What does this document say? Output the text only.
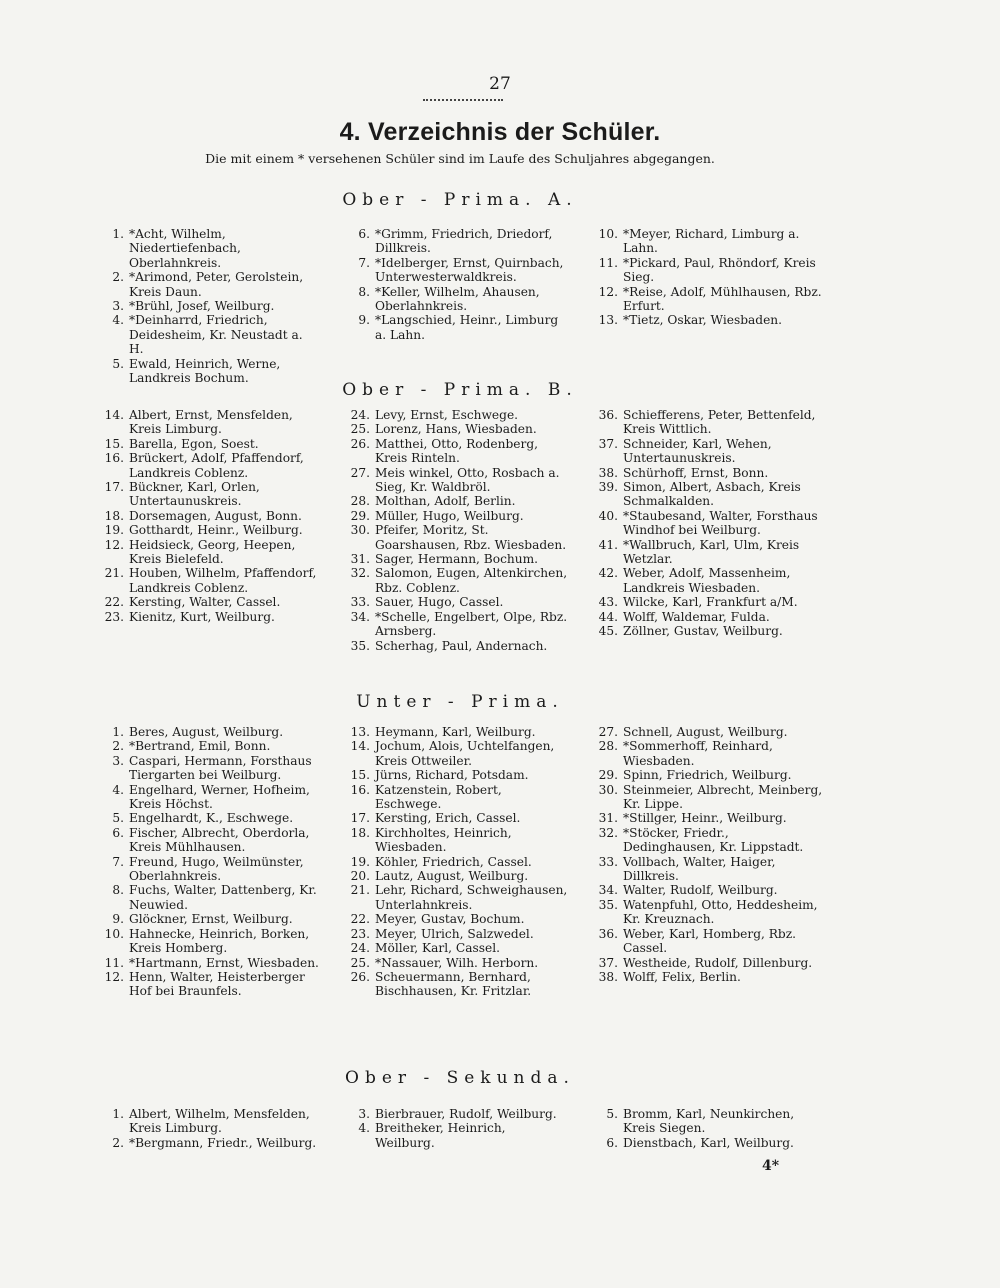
27
4. Verzeichnis der Schüler.
Die mit einem * versehenen Schüler sind im Laufe des Schuljahres abgegangen.
Ober - Prima. A.
1. *Acht, Wilhelm, Niedertiefenbach, Oberlahnkreis.
2. *Arimond, Peter, Gerolstein, Kreis Daun.
3. *Brühl, Josef, Weilburg.
4. *Deinharrd, Friedrich, Deidesheim, Kr. Neustadt a. H.
5. Ewald, Heinrich, Werne, Landkreis Bochum.
6. *Grimm, Friedrich, Driedorf, Dillkreis.
7. *Idelberger, Ernst, Quirnbach, Unterwesterwaldkreis.
8. *Keller, Wilhelm, Ahausen, Oberlahnkreis.
9. *Langschied, Heinr., Limburg a. Lahn.
10. *Meyer, Richard, Limburg a. Lahn.
11. *Pickard, Paul, Rhöndorf, Kreis Sieg.
12. *Reise, Adolf, Mühlhausen, Rbz. Erfurt.
13. *Tietz, Oskar, Wiesbaden.
Ober - Prima. B.
14. Albert, Ernst, Mensfelden, Kreis Limburg.
15. Barella, Egon, Soest.
16. Brückert, Adolf, Pfaffendorf, Landkreis Coblenz.
17. Bückner, Karl, Orlen, Untertaunuskreis.
18. Dorsemagen, August, Bonn.
19. Gotthardt, Heinr., Weilburg.
12. Heidsieck, Georg, Heepen, Kreis Bielefeld.
21. Houben, Wilhelm, Pfaffendorf, Landkreis Coblenz.
22. Kersting, Walter, Cassel.
23. Kienitz, Kurt, Weilburg.
24. Levy, Ernst, Eschwege.
25. Lorenz, Hans, Wiesbaden.
26. Matthei, Otto, Rodenberg, Kreis Rinteln.
27. Meis winkel, Otto, Rosbach a. Sieg, Kr. Waldbröl.
28. Molthan, Adolf, Berlin.
29. Müller, Hugo, Weilburg.
30. Pfeifer, Moritz, St. Goarshausen, Rbz. Wiesbaden.
31. Sager, Hermann, Bochum.
32. Salomon, Eugen, Altenkirchen, Rbz. Coblenz.
33. Sauer, Hugo, Cassel.
34. *Schelle, Engelbert, Olpe, Rbz. Arnsberg.
35. Scherhag, Paul, Andernach.
36. Schiefferens, Peter, Bettenfeld, Kreis Wittlich.
37. Schneider, Karl, Wehen, Untertaunuskreis.
38. Schürhoff, Ernst, Bonn.
39. Simon, Albert, Asbach, Kreis Schmalkalden.
40. *Staubesand, Walter, Forsthaus Windhof bei Weilburg.
41. *Wallbruch, Karl, Ulm, Kreis Wetzlar.
42. Weber, Adolf, Massenheim, Landkreis Wiesbaden.
43. Wilcke, Karl, Frankfurt a/M.
44. Wolff, Waldemar, Fulda.
45. Zöllner, Gustav, Weilburg.
Unter - Prima.
1. Beres, August, Weilburg.
2. *Bertrand, Emil, Bonn.
3. Caspari, Hermann, Forsthaus Tiergarten bei Weilburg.
4. Engelhard, Werner, Hofheim, Kreis Höchst.
5. Engelhardt, K., Eschwege.
6. Fischer, Albrecht, Oberdorla, Kreis Mühlhausen.
7. Freund, Hugo, Weilmünster, Oberlahnkreis.
8. Fuchs, Walter, Dattenberg, Kr. Neuwied.
9. Glöckner, Ernst, Weilburg.
10. Hahnecke, Heinrich, Borken, Kreis Homberg.
11. *Hartmann, Ernst, Wiesbaden.
12. Henn, Walter, Heisterberger Hof bei Braunfels.
13. Heymann, Karl, Weilburg.
14. Jochum, Alois, Uchtelfangen, Kreis Ottweiler.
15. Jürns, Richard, Potsdam.
16. Katzenstein, Robert, Eschwege.
17. Kersting, Erich, Cassel.
18. Kirchholtes, Heinrich, Wiesbaden.
19. Köhler, Friedrich, Cassel.
20. Lautz, August, Weilburg.
21. Lehr, Richard, Schweighausen, Unterlahnkreis.
22. Meyer, Gustav, Bochum.
23. Meyer, Ulrich, Salzwedel.
24. Möller, Karl, Cassel.
25. *Nassauer, Wilh. Herborn.
26. Scheuermann, Bernhard, Bischhausen, Kr. Fritzlar.
27. Schnell, August, Weilburg.
28. *Sommerhoff, Reinhard, Wiesbaden.
29. Spinn, Friedrich, Weilburg.
30. Steinmeier, Albrecht, Meinberg, Kr. Lippe.
31. *Stillger, Heinr., Weilburg.
32. *Stöcker, Friedr., Dedinghausen, Kr. Lippstadt.
33. Vollbach, Walter, Haiger, Dillkreis.
34. Walter, Rudolf, Weilburg.
35. Watenpfuhl, Otto, Heddesheim, Kr. Kreuznach.
36. Weber, Karl, Homberg, Rbz. Cassel.
37. Westheide, Rudolf, Dillenburg.
38. Wolff, Felix, Berlin.
Ober - Sekunda.
1. Albert, Wilhelm, Mensfelden, Kreis Limburg.
2. *Bergmann, Friedr., Weilburg.
3. Bierbrauer, Rudolf, Weilburg.
4. Breitheker, Heinrich, Weilburg.
5. Bromm, Karl, Neunkirchen, Kreis Siegen.
6. Dienstbach, Karl, Weilburg.
4*
